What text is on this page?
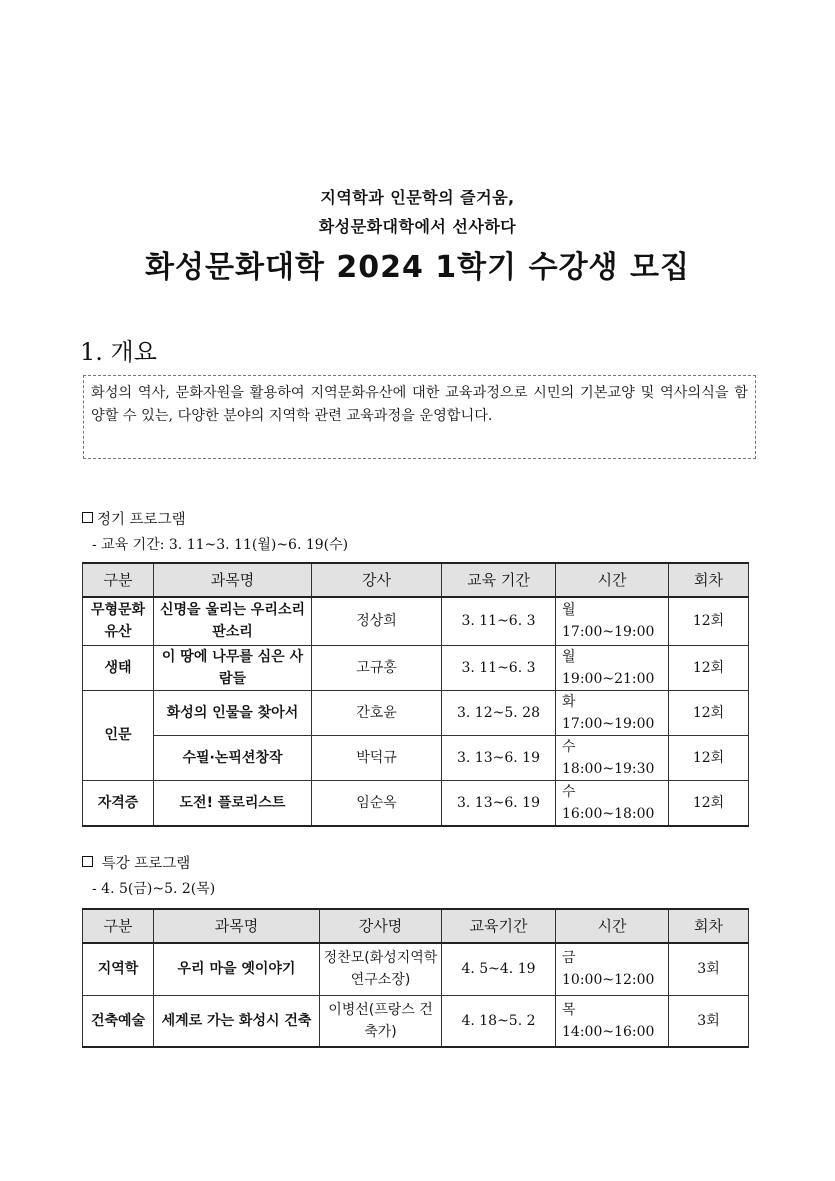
지역학과 인문학의 즐거움,
화성문화대학에서 선사하다
화성문화대학 2024 1학기 수강생 모집
1. 개요
화성의 역사, 문화자원을 활용하여 지역문화유산에 대한 교육과정으로 시민의 기본교양 및 역사의식을 함양할 수 있는, 다양한 분야의 지역학 관련 교육과정을 운영합니다.
정기 프로그램
- 교육 기간: 3. 11~3. 11(월)~6. 19(수)
구분	과목명	강사	교육 기간	시간	회차
무형문화 유산	신명을 울리는 우리소리 판소리	정상희	3. 11~6. 3	월 17:00~19:00	12회
생태	이 땅에 나무를 심은 사람들	고규홍	3. 11~6. 3	월 19:00~21:00	12회
인문	화성의 인물을 찾아서	간호윤	3. 12~5. 28	화 17:00~19:00	12회
	수필·논픽션창작	박덕규	3. 13~6. 19	수 18:00~19:30	12회
자격증	도전! 플로리스트	임순옥	3. 13~6. 19	수 16:00~18:00	12회
특강 프로그램
- 4. 5(금)~5. 2(목)
구분	과목명	강사명	교육기간	시간	회차
지역학	우리 마을 옛이야기	정찬모(화성지역학연구소장)	4. 5~4. 19	금 10:00~12:00	3회
건축예술	세계로 가는 화성시 건축	이병선(프랑스 건축가)	4. 18~5. 2	목 14:00~16:00	3회
